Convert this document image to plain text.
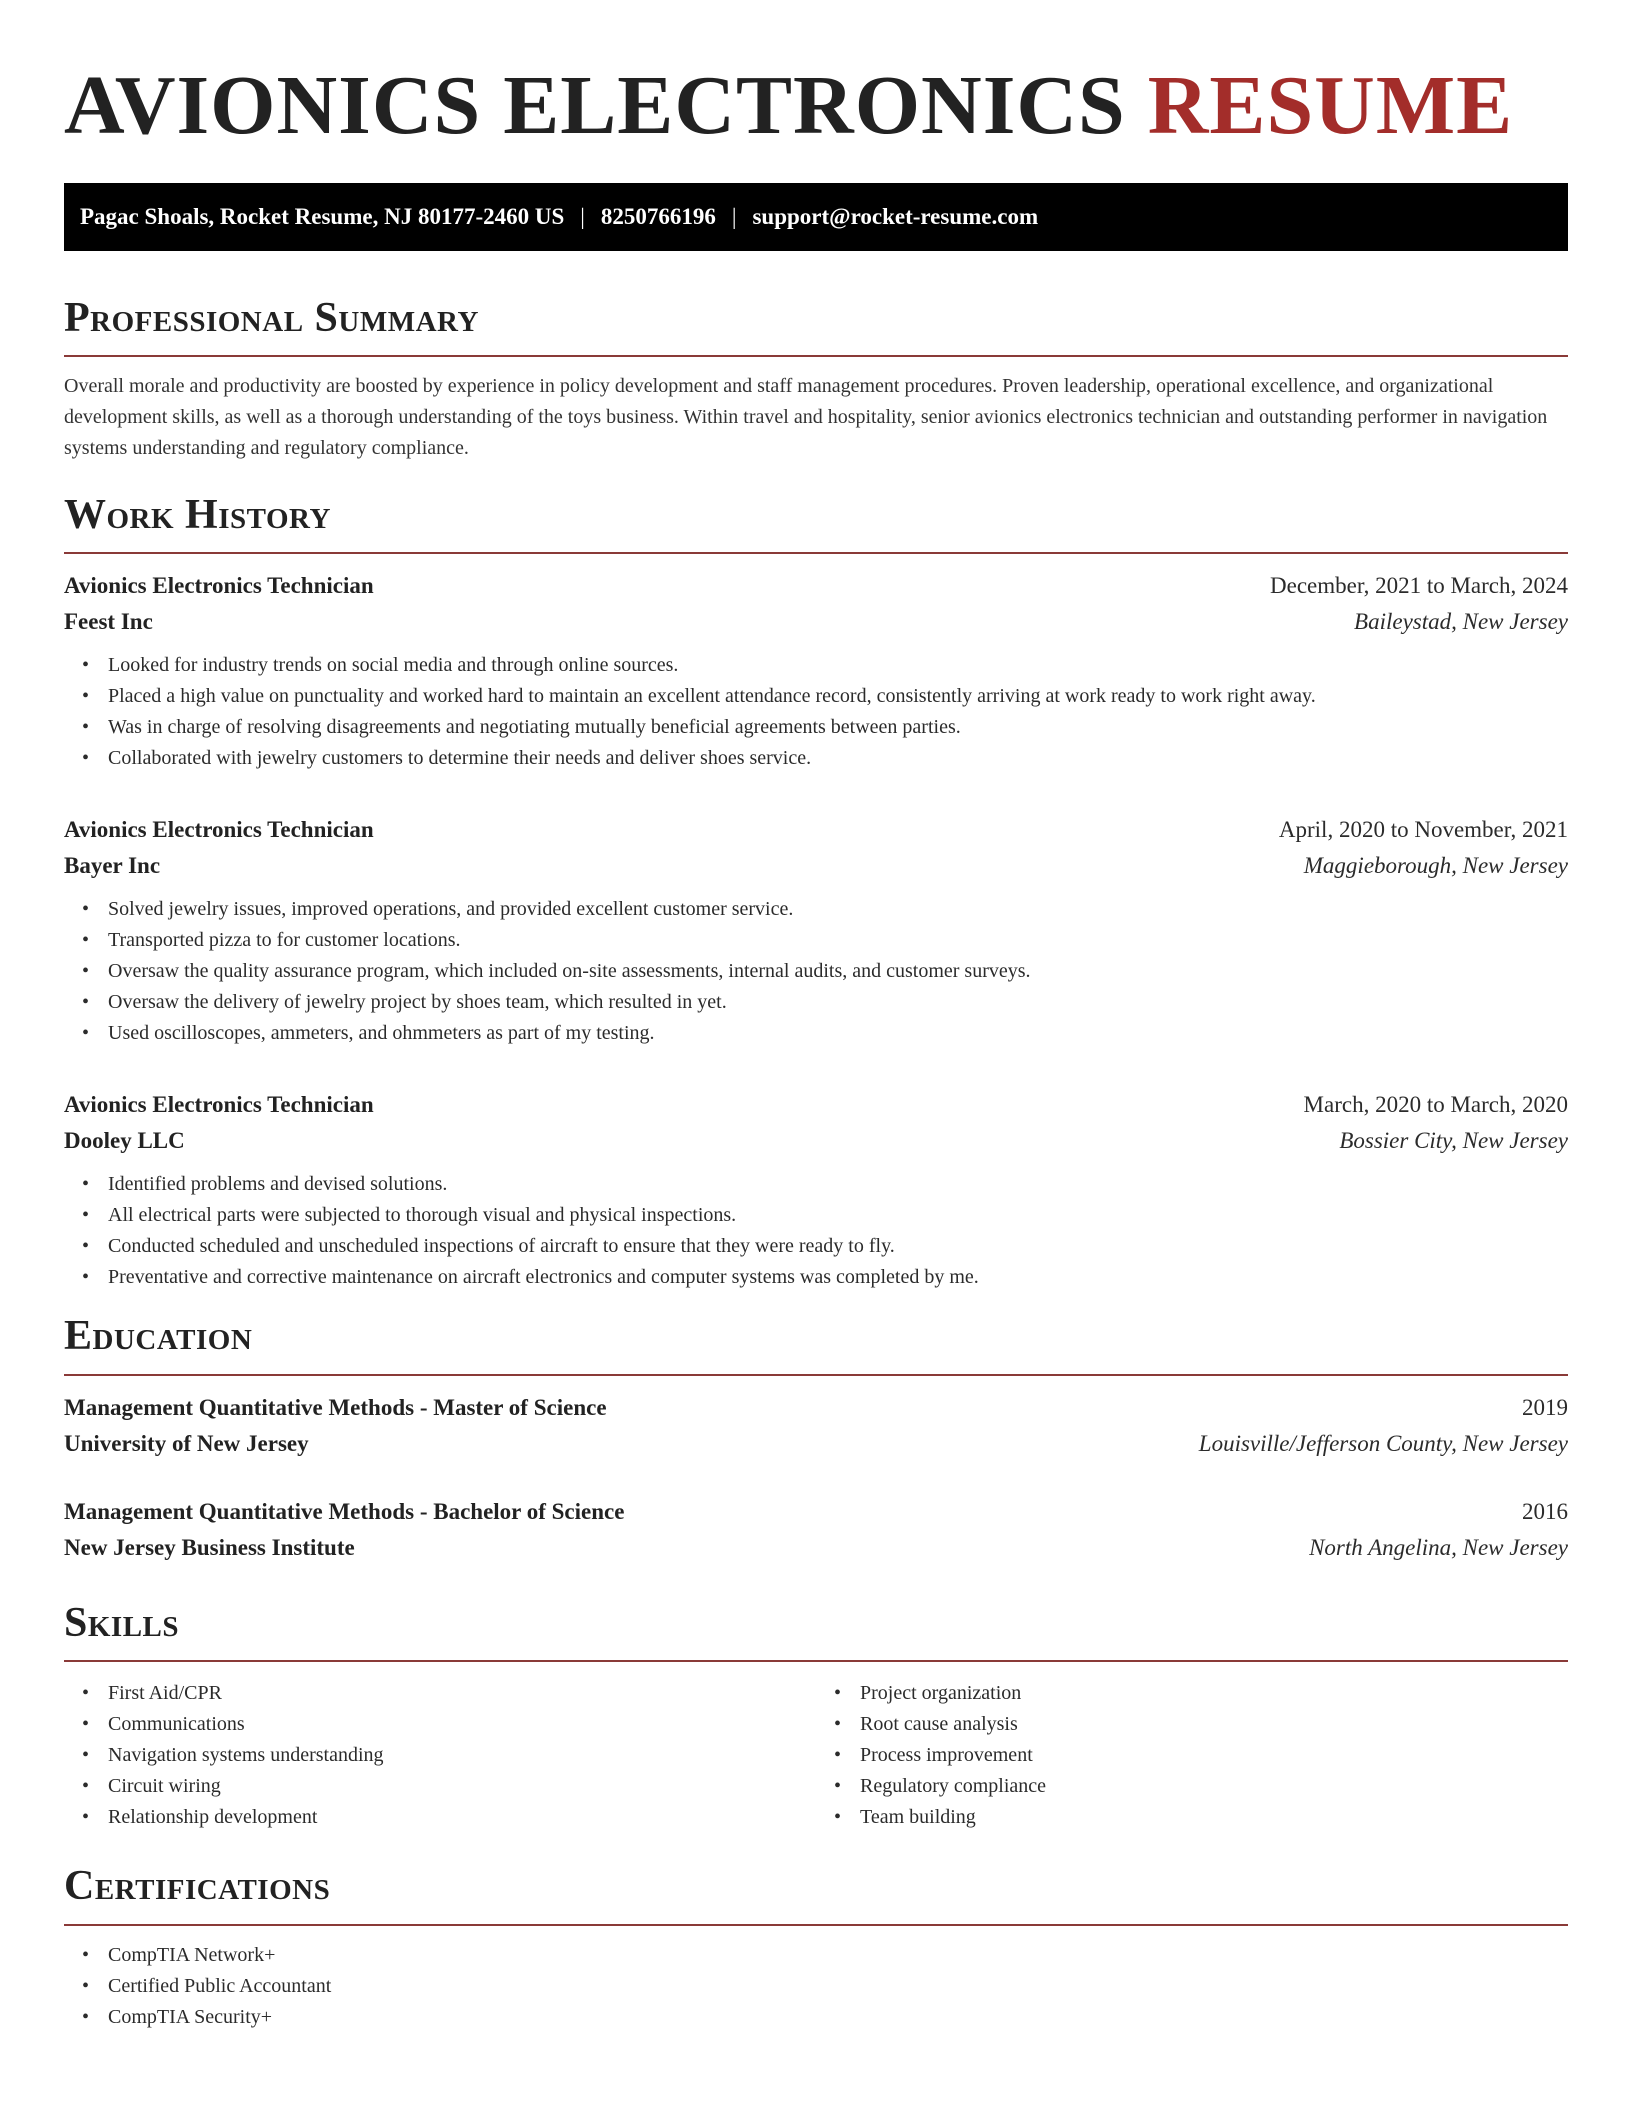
AVIONICS ELECTRONICS RESUME
Pagac Shoals, Rocket Resume, NJ 80177-2460 US | 8250766196 | support@rocket-resume.com
Professional Summary

Overall morale and productivity are boosted by experience in policy development and staff management procedures. Proven leadership, operational excellence, and organizational development skills, as well as a thorough understanding of the toys business. Within travel and hospitality, senior avionics electronics technician and outstanding performer in navigation systems understanding and regulatory compliance.

Work History
Avionics Electronics Technician	December, 2021 to March, 2024
Feest Inc	Baileystad, New Jersey
• Looked for industry trends on social media and through online sources.
• Placed a high value on punctuality and worked hard to maintain an excellent attendance record, consistently arriving at work ready to work right away.
• Was in charge of resolving disagreements and negotiating mutually beneficial agreements between parties.
• Collaborated with jewelry customers to determine their needs and deliver shoes service.
Avionics Electronics Technician	April, 2020 to November, 2021
Bayer Inc	Maggieborough, New Jersey
• Solved jewelry issues, improved operations, and provided excellent customer service.
• Transported pizza to for customer locations.
• Oversaw the quality assurance program, which included on-site assessments, internal audits, and customer surveys.
• Oversaw the delivery of jewelry project by shoes team, which resulted in yet.
• Used oscilloscopes, ammeters, and ohmmeters as part of my testing.
Avionics Electronics Technician	March, 2020 to March, 2020
Dooley LLC	Bossier City, New Jersey
• Identified problems and devised solutions.
• All electrical parts were subjected to thorough visual and physical inspections.
• Conducted scheduled and unscheduled inspections of aircraft to ensure that they were ready to fly.
• Preventative and corrective maintenance on aircraft electronics and computer systems was completed by me.
Education
Management Quantitative Methods - Master of Science	2019
University of New Jersey	Louisville/Jefferson County, New Jersey
Management Quantitative Methods - Bachelor of Science	2016
New Jersey Business Institute	North Angelina, New Jersey
Skills
• First Aid/CPR
• Communications
• Navigation systems understanding
• Circuit wiring
• Relationship development
• Project organization
• Root cause analysis
• Process improvement
• Regulatory compliance
• Team building
Certifications
• CompTIA Network+
• Certified Public Accountant
• CompTIA Security+
